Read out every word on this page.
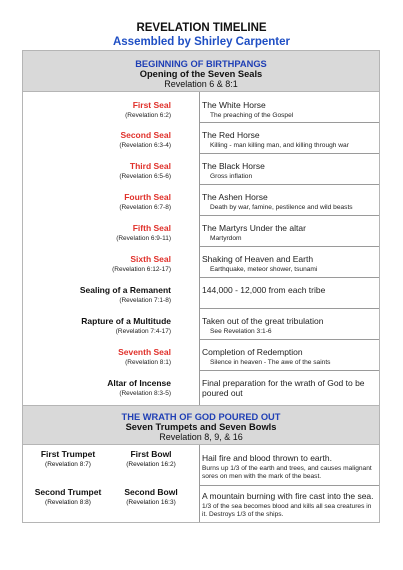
REVELATION TIMELINE
Assembled by Shirley Carpenter
BEGINNING OF BIRTHPANGS
Opening of the Seven Seals
Revelation 6 & 8:1
First Seal
(Revelation 6:2)
The White Horse
The preaching of the Gospel
Second Seal
(Revelation 6:3-4)
The Red Horse
Killing - man killing man, and killing through war
Third Seal
(Revelation 6:5-6)
The Black Horse
Gross inflation
Fourth Seal
(Revelation 6:7-8)
The Ashen Horse
Death by war, famine, pestilence and wild beasts
Fifth Seal
(Revelation 6:9-11)
The Martyrs Under the altar
Martyrdom
Sixth Seal
(Revelation 6:12-17)
Shaking of Heaven and Earth
Earthquake, meteor shower, tsunami
Sealing of a Remanent
(Revelation 7:1-8)
144,000 - 12,000 from each tribe
Rapture of a Multitude
(Revelation 7:4-17)
Taken out of the great tribulation
See Revelation 3:1-6
Seventh Seal
(Revelation 8:1)
Completion of Redemption
Silence in heaven - The awe of the saints
Altar of Incense
(Revelation 8:3-5)
Final preparation for the wrath of God to be poured out
THE WRATH OF GOD POURED OUT
Seven Trumpets and Seven Bowls
Revelation 8, 9, & 16
First Trumpet
(Revelation 8:7)
First Bowl
(Revelation 16:2)
Hail fire and blood thrown to earth.
Burns up 1/3 of the earth and trees, and causes malignant sores on men with the mark of the beast.
Second Trumpet
(Revelation 8:8)
Second Bowl
(Revelation 16:3)
A mountain burning with fire cast into the sea.
1/3 of the sea becomes blood and kills all sea creatures in it. Destroys 1/3 of the ships.
